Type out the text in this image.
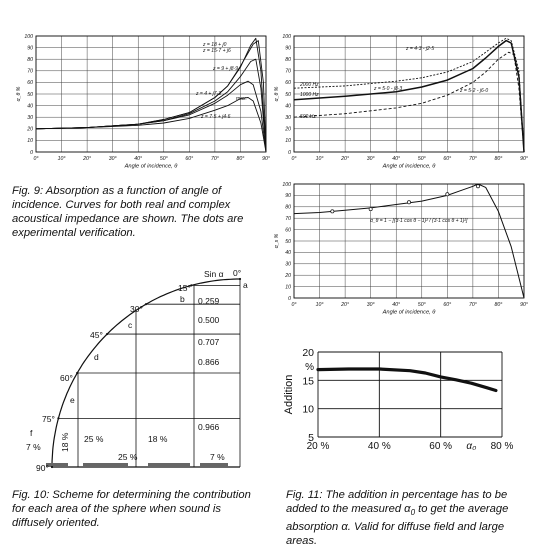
0°	10°	20°	30°	40°	50°	60°	70°	80°	90°
0
10
20
30
40
50
60
70
80
90
100
Angle of incidence, θ
α_θ %
z = 18 + j0
z = 15·7 + j6
z = 9 + j8·9
z = 4 + j7·3
max.
z = 7·5 + j4·6
0°	10°	20°	30°	40°	50°	60°	70°	80°	90°
0
10
20
30
40
50
60
70
80
90
100
Angle of incidence, θ
α_θ %
2000 Hz
1000 Hz
500 Hz
z = 4·3 - j2·5
z = 5·0 - j8·3	z = 5·2 - j6·0
0°	10°	20°	30°	40°	50°	60°	70°	80°	90°
0
10
20
30
40
50
60
70
80
90
100
Angle of incidence, θ
α_s %
α_θ = 1 − [(3·1 cos θ − 1)² / (3·1 cos θ + 1)²]
20 %	40 %	60 %	80 %
5
10
15
20
%
Addition
α₀
0°
15°
30°
45°
60°
75°
90°
Sin α
0.259
0.500
0.707
0.866
0.966
a
b
c
d
e
f
7 % 18 % 25 %
25 %
18 %
7 %

Fig. 9: Absorption as a function of angle of incidence. Curves for both real and complex acoustical impedance are shown. The dots are experimental verification.

Fig. 10: Scheme for determining the contribution for each area of the sphere when sound is diffusely oriented.

Fig. 11: The addition in percentage has to be added to the measured $\alpha_0$ to get the average absorption α. Valid for diffuse field and large areas.
